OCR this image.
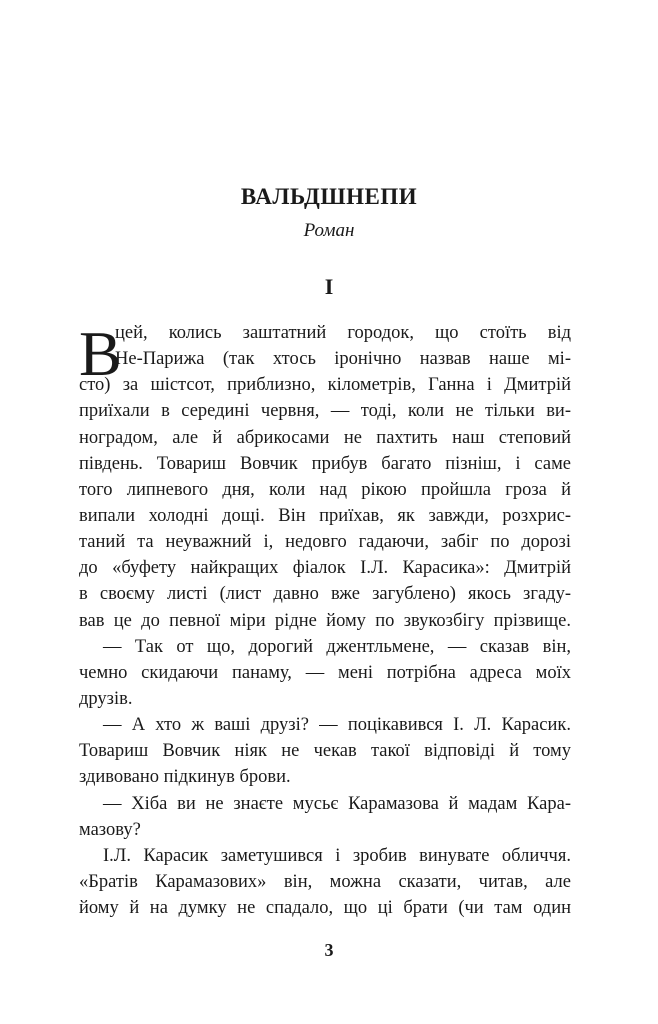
ВАЛЬДШНЕПИ
Роман
I
В
цей, колись заштатний городок, що стоїть від
Не-Парижа (так хтось іронічно назвав наше мі-
сто) за шістсот, приблизно, кілометрів, Ганна і Дмитрій
приїхали в середині червня, — тоді, коли не тільки ви-
ноградом, але й абрикосами не пахтить наш степовий
південь. Товариш Вовчик прибув багато пізніш, і саме
того липневого дня, коли над рікою пройшла гроза й
випали холодні дощі. Він приїхав, як завжди, розхрис-
таний та неуважний і, недовго гадаючи, забіг по дорозі
до «буфету найкращих фіалок І.Л. Карасика»: Дмитрій
в своєму листі (лист давно вже загублено) якось згаду-
вав це до певної міри рідне йому по звукозбігу прізвище.
— Так от що, дорогий джентльмене, — сказав він,
чемно скидаючи панаму, — мені потрібна адреса моїх
друзів.
— А хто ж ваші друзі? — поцікавився І. Л. Карасик.
Товариш Вовчик ніяк не чекав такої відповіді й тому
здивовано підкинув брови.
— Хіба ви не знаєте мусьє Карамазова й мадам Кара-
мазову?
І.Л. Карасик заметушився і зробив винувате обличчя.
«Братів Карамазових» він, можна сказати, читав, але
йому й на думку не спадало, що ці брати (чи там один
3
